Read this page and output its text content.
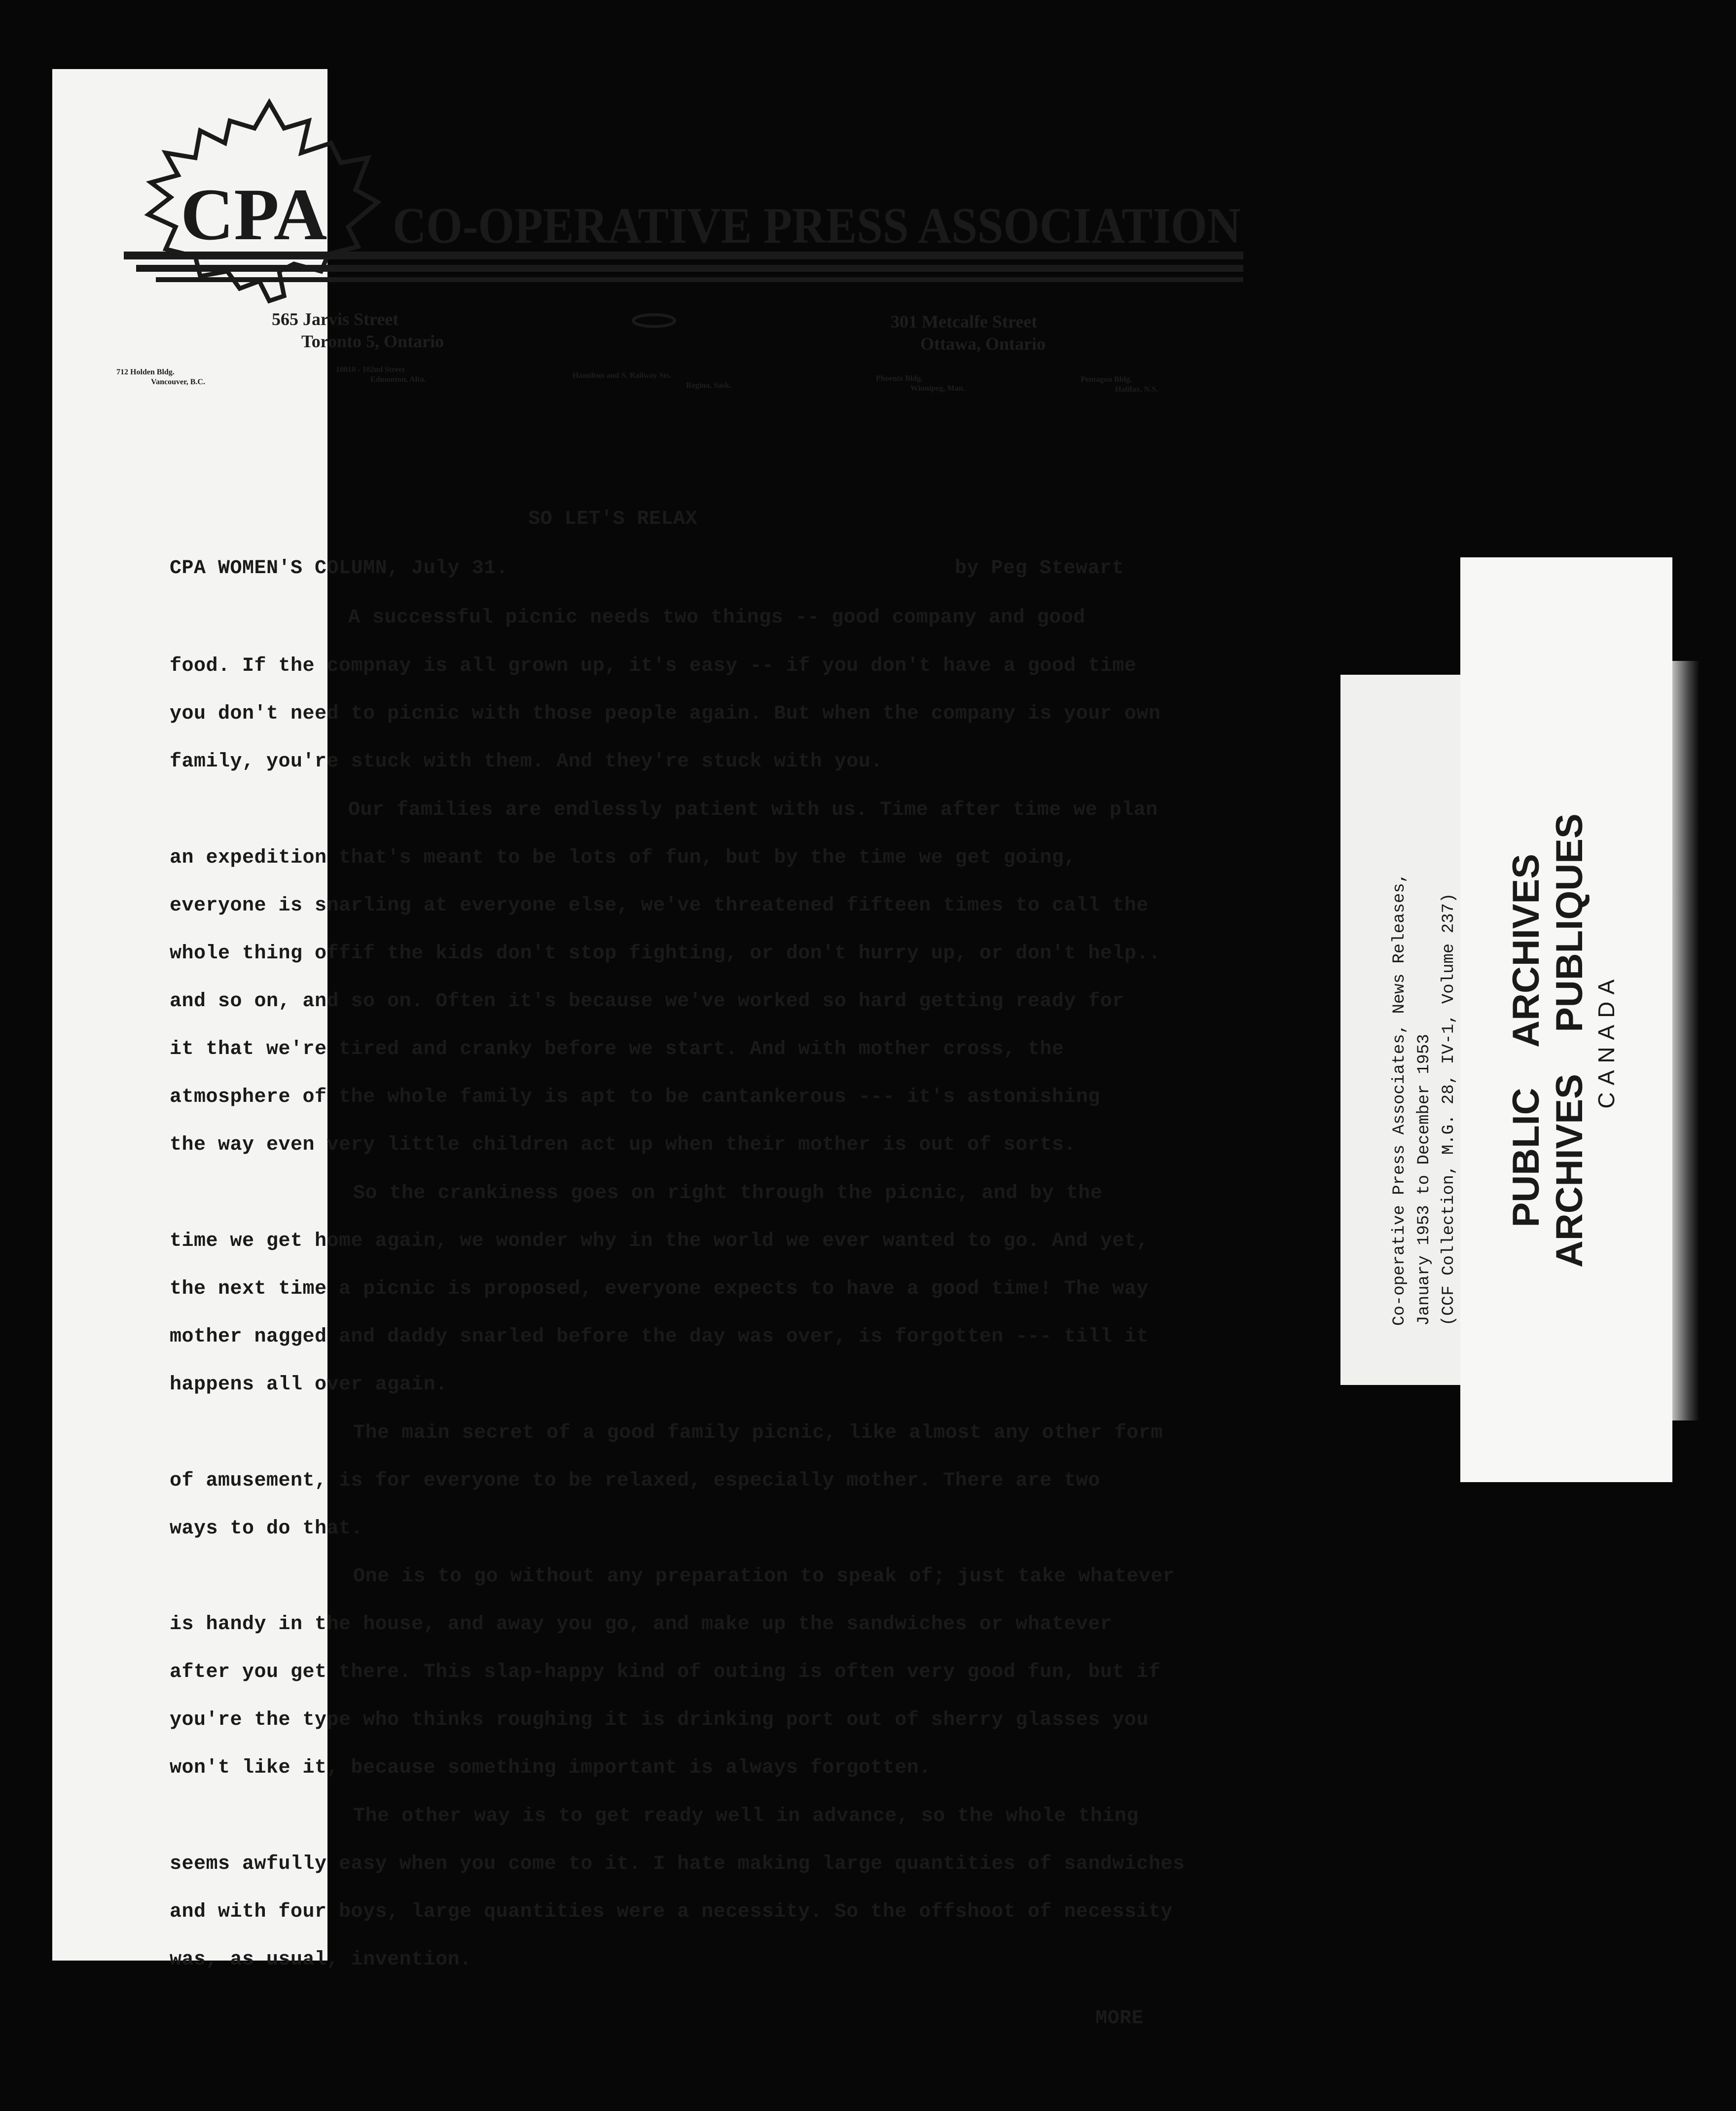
CPA CO-OPERATIVE PRESS ASSOCIATION
565 Jarvis Street
Toronto 5, Ontario
301 Metcalfe Street
Ottawa, Ontario
712 Holden Bldg.
Vancouver, B.C.
10010 - 102nd Street
Edmonton, Alta.	Hamilton and S. Railway Sts.
Regina, Sask.
Phoenix Bldg.
Winnipeg, Man.
Pentagon Bldg.
Halifax, N.S.
SO LET'S RELAX
CPA WOMEN'S COLUMN, July 31.	by Peg Stewart
A successful picnic needs two things -- good company and good
food. If the compnay is all grown up, it's easy -- if you don't have a good time
you don't need to picnic with those people again. But when the company is your own
family, you're stuck with them. And they're stuck with you.
Our families are endlessly patient with us. Time after time we plan
an expedition that's meant to be lots of fun, but by the time we get going,
everyone is snarling at everyone else, we've threatened fifteen times to call the
whole thing offif the kids don't stop fighting, or don't hurry up, or don't help..
and so on, and so on. Often it's because we've worked so hard getting ready for
it that we're tired and cranky before we start. And with mother cross, the
atmosphere of the whole family is apt to be cantankerous --- it's astonishing
the way even very little children act up when their mother is out of sorts.
So the crankiness goes on right through the picnic, and by the
time we get home again, we wonder why in the world we ever wanted to go. And yet,
the next time a picnic is proposed, everyone expects to have a good time! The way
mother nagged and daddy snarled before the day was over, is forgotten --- till it
happens all over again.
The main secret of a good family picnic, like almost any other form
of amusement, is for everyone to be relaxed, especially mother. There are two
ways to do that.
One is to go without any preparation to speak of; just take whatever
is handy in the house, and away you go, and make up the sandwiches or whatever
after you get there. This slap-happy kind of outing is often very good fun, but if
you're the type who thinks roughing it is drinking port out of sherry glasses you
won't like it, because something important is always forgotten.
The other way is to get ready well in advance, so the whole thing
seems awfully easy when you come to it. I hate making large quantities of sandwiches
and with four boys, large quantities were a necessity. So the offshoot of necessity
was, as usual, invention.
MORE
Co-operative Press Associates, News Releases, January 1953 to December 1953 (CCF Collection, M.G. 28, IV-1, Volume 237) PUBLIC    ARCHIVES ARCHIVES    PUBLIQUES CANADA
